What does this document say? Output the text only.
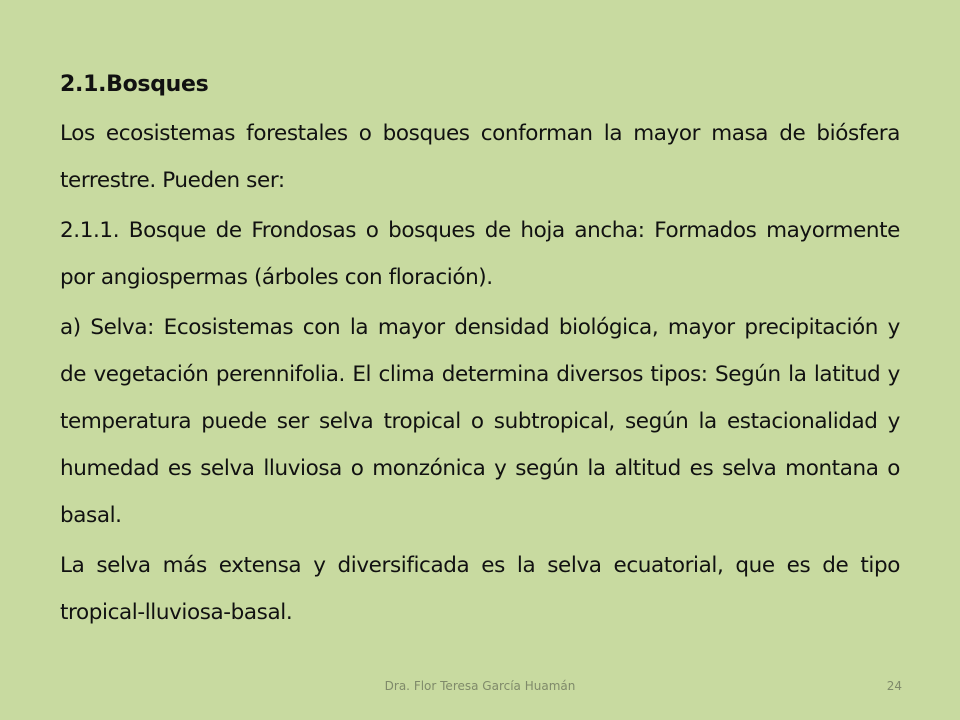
2.1.Bosques

Los ecosistemas forestales o bosques conforman la mayor masa de biósfera terrestre. Pueden ser:

2.1.1. Bosque de Frondosas o bosques de hoja ancha: Formados mayormente por angiospermas (árboles con floración).

a) Selva: Ecosistemas con la mayor densidad biológica, mayor precipitación y de vegetación perennifolia. El clima determina diversos tipos: Según la latitud y temperatura puede ser selva tropical o subtropical, según la estacionalidad y humedad es selva lluviosa o monzónica y según la altitud es selva montana o basal.

La selva más extensa y diversificada es la selva ecuatorial, que es de tipo tropical-lluviosa-basal.

Dra. Flor Teresa García Huamán	24
